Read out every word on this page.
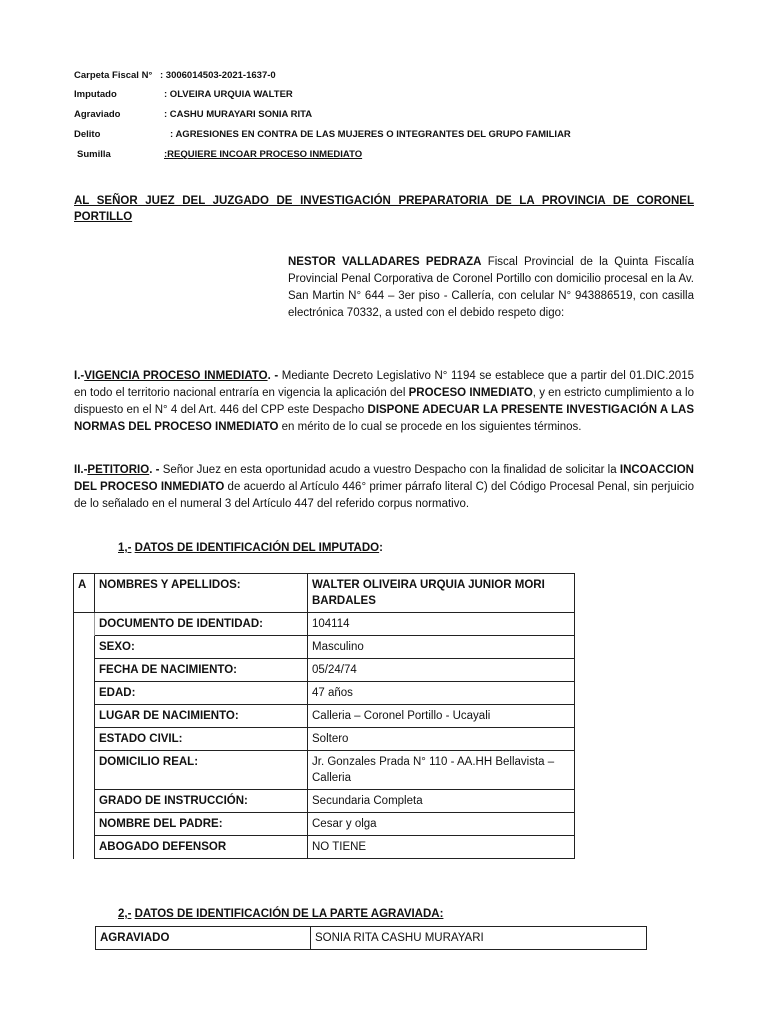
Carpeta Fiscal N° : 3006014503-2021-1637-0
Imputado	: OLVEIRA URQUIA WALTER
Agraviado	: CASHU MURAYARI SONIA RITA
Delito	: AGRESIONES EN CONTRA DE LAS MUJERES O INTEGRANTES DEL GRUPO FAMILIAR
Sumilla	:REQUIERE INCOAR PROCESO INMEDIATO
AL SEÑOR JUEZ DEL JUZGADO DE INVESTIGACIÓN PREPARATORIA DE LA PROVINCIA DE CORONEL PORTILLO
NESTOR VALLADARES PEDRAZA Fiscal Provincial de la Quinta Fiscalía Provincial Penal Corporativa de Coronel Portillo con domicilio procesal en la Av. San Martin N° 644 – 3er piso - Callería, con celular N° 943886519, con casilla electrónica 70332, a usted con el debido respeto digo:
I.-VIGENCIA PROCESO INMEDIATO. - Mediante Decreto Legislativo N° 1194 se establece que a partir del 01.DIC.2015 en todo el territorio nacional entraría en vigencia la aplicación del PROCESO INMEDIATO, y en estricto cumplimiento a lo dispuesto en el N° 4 del Art. 446 del CPP este Despacho DISPONE ADECUAR LA PRESENTE INVESTIGACIÓN A LAS NORMAS DEL PROCESO INMEDIATO en mérito de lo cual se procede en los siguientes términos.
II.-PETITORIO. - Señor Juez en esta oportunidad acudo a vuestro Despacho con la finalidad de solicitar la INCOACCION DEL PROCESO INMEDIATO de acuerdo al Artículo 446° primer párrafo literal C) del Código Procesal Penal, sin perjuicio de lo señalado en el numeral 3 del Artículo 447 del referido corpus normativo.
1,- DATOS DE IDENTIFICACIÓN DEL IMPUTADO:
A	NOMBRES Y APELLIDOS:	WALTER OLIVEIRA URQUIA JUNIOR MORI BARDALES
	DOCUMENTO DE IDENTIDAD:	104114
	SEXO:	Masculino
	FECHA DE NACIMIENTO:	05/24/74
	EDAD:	47 años
	LUGAR DE NACIMIENTO:	Calleria – Coronel Portillo - Ucayali
	ESTADO CIVIL:	Soltero
	DOMICILIO REAL:	Jr. Gonzales Prada N° 110 - AA.HH Bellavista – Calleria
	GRADO DE INSTRUCCIÓN:	Secundaria Completa
	NOMBRE DEL PADRE:	Cesar y olga
	ABOGADO DEFENSOR	NO TIENE
2,- DATOS DE IDENTIFICACIÓN DE LA PARTE AGRAVIADA:
AGRAVIADO	SONIA RITA CASHU MURAYARI
